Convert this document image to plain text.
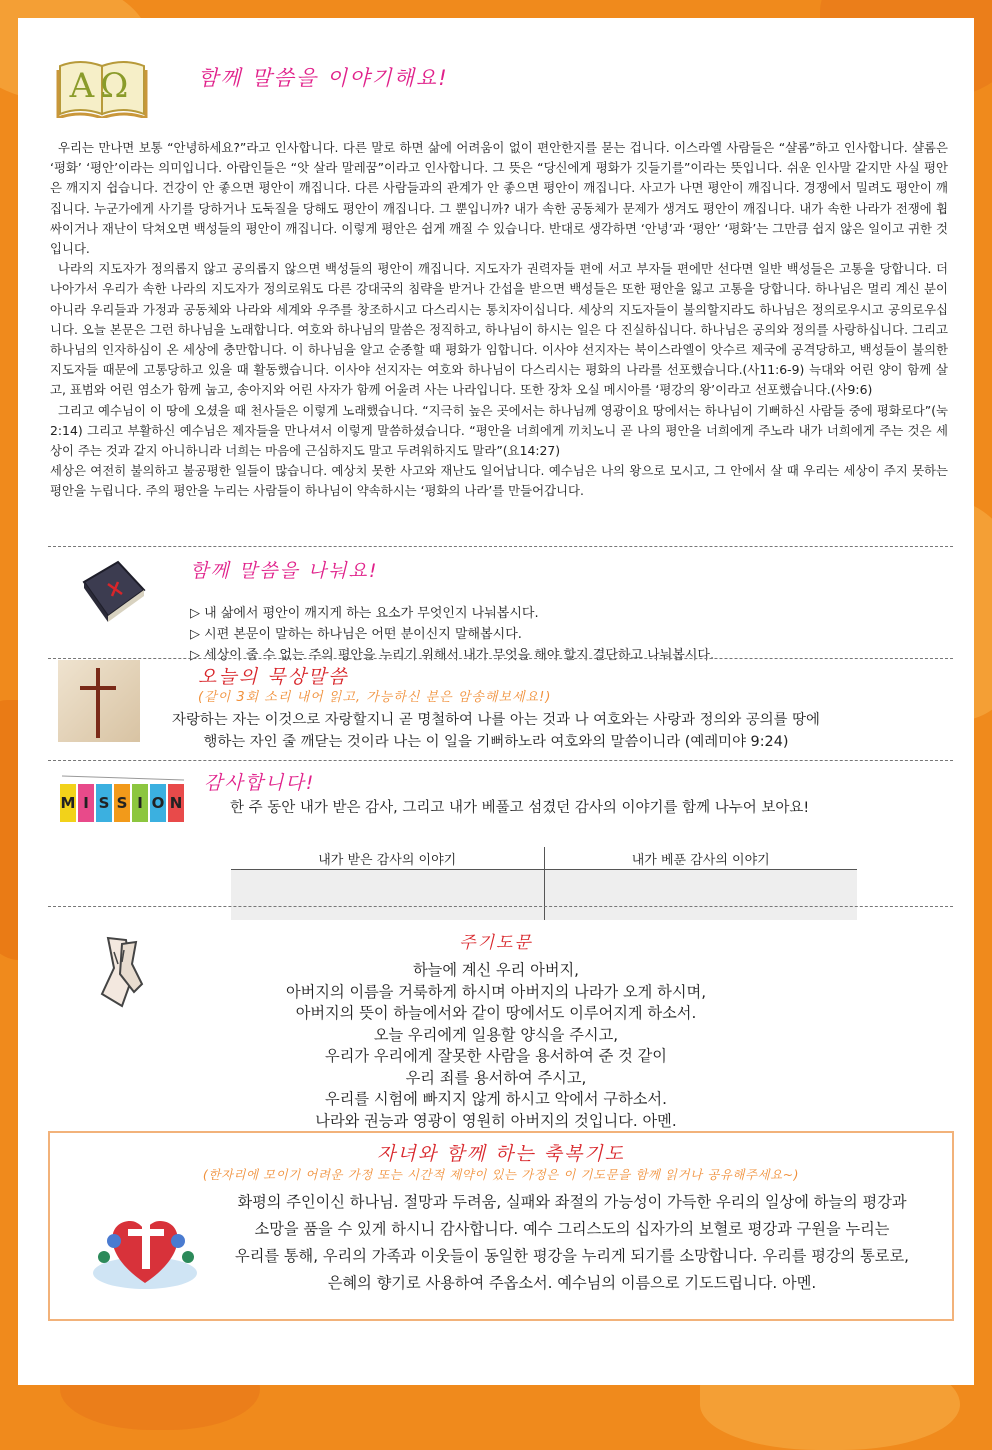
AΩ	함께 말씀을 이야기해요!

우리는 만나면 보통 “안녕하세요?”라고 인사합니다. 다른 말로 하면 삶에 어려움이 없이 편안한지를 묻는 겁니다. 이스라엘 사람들은 “샬롬”하고 인사합니다. 샬롬은 ‘평화’ ‘평안’이라는 의미입니다. 아랍인들은 “앗 살라 말레꿈”이라고 인사합니다. 그 뜻은 “당신에게 평화가 깃들기를”이라는 뜻입니다. 쉬운 인사말 같지만 사실 평안은 깨지지 쉽습니다. 건강이 안 좋으면 평안이 깨집니다. 다른 사람들과의 관계가 안 좋으면 평안이 깨집니다. 사고가 나면 평안이 깨집니다. 경쟁에서 밀려도 평안이 깨집니다. 누군가에게 사기를 당하거나 도둑질을 당해도 평안이 깨집니다. 그 뿐입니까? 내가 속한 공동체가 문제가 생겨도 평안이 깨집니다. 내가 속한 나라가 전쟁에 휩싸이거나 재난이 닥쳐오면 백성들의 평안이 깨집니다. 이렇게 평안은 쉽게 깨질 수 있습니다. 반대로 생각하면 ‘안녕’과 ‘평안’ ‘평화’는 그만큼 쉽지 않은 일이고 귀한 것입니다.

나라의 지도자가 정의롭지 않고 공의롭지 않으면 백성들의 평안이 깨집니다. 지도자가 권력자들 편에 서고 부자들 편에만 선다면 일반 백성들은 고통을 당합니다. 더 나아가서 우리가 속한 나라의 지도자가 정의로워도 다른 강대국의 침략을 받거나 간섭을 받으면 백성들은 또한 평안을 잃고 고통을 당합니다. 하나님은 멀리 계신 분이 아니라 우리들과 가정과 공동체와 나라와 세계와 우주를 창조하시고 다스리시는 통치자이십니다. 세상의 지도자들이 불의할지라도 하나님은 정의로우시고 공의로우십니다. 오늘 본문은 그런 하나님을 노래합니다. 여호와 하나님의 말씀은 정직하고, 하나님이 하시는 일은 다 진실하십니다. 하나님은 공의와 정의를 사랑하십니다. 그리고 하나님의 인자하심이 온 세상에 충만합니다. 이 하나님을 알고 순종할 때 평화가 임합니다. 이사야 선지자는 북이스라엘이 앗수르 제국에 공격당하고, 백성들이 불의한 지도자들 때문에 고통당하고 있을 때 활동했습니다. 이사야 선지자는 여호와 하나님이 다스리시는 평화의 나라를 선포했습니다.(사11:6-9) 늑대와 어린 양이 함께 살고, 표범와 어린 염소가 함께 눕고, 송아지와 어린 사자가 함께 어울려 사는 나라입니다. 또한 장차 오실 메시아를 ‘평강의 왕’이라고 선포했습니다.(사9:6)

그리고 예수님이 이 땅에 오셨을 때 천사들은 이렇게 노래했습니다. “지극히 높은 곳에서는 하나님께 영광이요 땅에서는 하나님이 기뻐하신 사람들 중에 평화로다”(눅2:14) 그리고 부활하신 예수님은 제자들을 만나셔서 이렇게 말씀하셨습니다. “평안을 너희에게 끼치노니 곧 나의 평안을 너희에게 주노라 내가 너희에게 주는 것은 세상이 주는 것과 같지 아니하니라 너희는 마음에 근심하지도 말고 두려워하지도 말라”(요14:27)

세상은 여전히 불의하고 불공평한 일들이 많습니다. 예상치 못한 사고와 재난도 일어납니다. 예수님은 나의 왕으로 모시고, 그 안에서 살 때 우리는 세상이 주지 못하는 평안을 누립니다. 주의 평안을 누리는 사람들이 하나님이 약속하시는 ‘평화의 나라’를 만들어갑니다.

함께 말씀을 나눠요!
▷ 내 삶에서 평안이 깨지게 하는 요소가 무엇인지 나눠봅시다.
▷ 시편 본문이 말하는 하나님은 어떤 분이신지 말해봅시다.
▷ 세상이 줄 수 없는 주의 평안을 누리기 위해서 내가 무엇을 해야 할지 결단하고 나눠봅시다.
오늘의 묵상말씀
(같이 3회 소리 내어 읽고, 가능하신 분은 암송해보세요!)
자랑하는 자는 이것으로 자랑할지니 곧 명철하여 나를 아는 것과 나 여호와는 사랑과 정의와 공의를 땅에
행하는 자인 줄 깨닫는 것이라 나는 이 일을 기뻐하노라 여호와의 말씀이니라 (예레미야 9:24)
M I S S I O N
감사합니다!
한 주 동안 내가 받은 감사, 그리고 내가 베풀고 섬겼던 감사의 이야기를 함께 나누어 보아요!
내가 받은 감사의 이야기	내가 베푼 감사의 이야기

주기도문
하늘에 계신 우리 아버지,
아버지의 이름을 거룩하게 하시며 아버지의 나라가 오게 하시며,
아버지의 뜻이 하늘에서와 같이 땅에서도 이루어지게 하소서.
오늘 우리에게 일용할 양식을 주시고,
우리가 우리에게 잘못한 사람을 용서하여 준 것 같이
우리 죄를 용서하여 주시고,
우리를 시험에 빠지지 않게 하시고 악에서 구하소서.
나라와 권능과 영광이 영원히 아버지의 것입니다. 아멘.
자녀와 함께 하는 축복기도
(한자리에 모이기 어려운 가정 또는 시간적 제약이 있는 가정은 이 기도문을 함께 읽거나 공유해주세요~)
화평의 주인이신 하나님. 절망과 두려움, 실패와 좌절의 가능성이 가득한 우리의 일상에 하늘의 평강과
소망을 품을 수 있게 하시니 감사합니다. 예수 그리스도의 십자가의 보혈로 평강과 구원을 누리는
우리를 통해, 우리의 가족과 이웃들이 동일한 평강을 누리게 되기를 소망합니다. 우리를 평강의 통로로,
은혜의 향기로 사용하여 주옵소서. 예수님의 이름으로 기도드립니다. 아멘.
